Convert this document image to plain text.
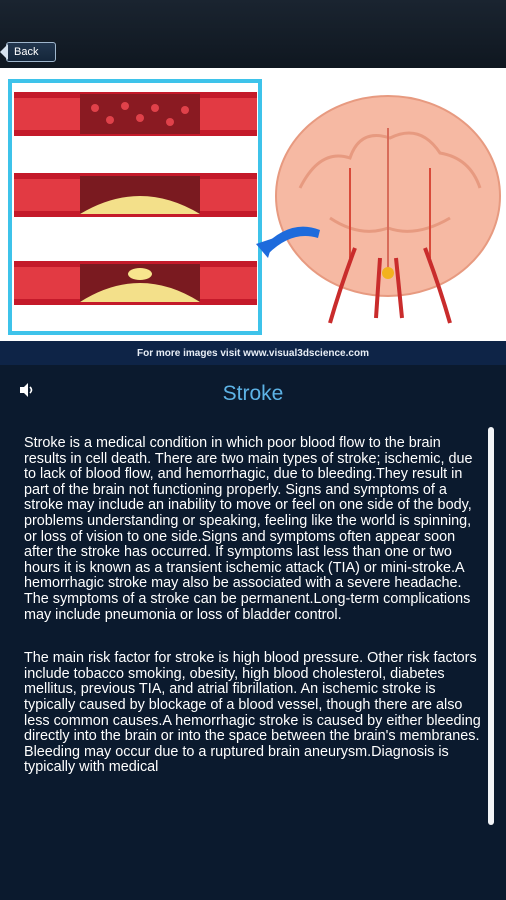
Back
For more images visit www.visual3dscience.com
Stroke

Stroke is a medical condition in which poor blood flow to the brain results in cell death. There are two main types of stroke; ischemic, due to lack of blood flow, and hemorrhagic, due to bleeding.They result in part of the brain not functioning properly. Signs and symptoms of a stroke may include an inability to move or feel on one side of the body, problems understanding or speaking, feeling like the world is spinning, or loss of vision to one side.Signs and symptoms often appear soon after the stroke has occurred. If symptoms last less than one or two hours it is known as a transient ischemic attack (TIA) or mini-stroke.A hemorrhagic stroke may also be associated with a severe headache. The symptoms of a stroke can be permanent.Long-term complications may include pneumonia or loss of bladder control.

The main risk factor for stroke is high blood pressure. Other risk factors include tobacco smoking, obesity, high blood cholesterol, diabetes mellitus, previous TIA, and atrial fibrillation. An ischemic stroke is typically caused by blockage of a blood vessel, though there are also less common causes.A hemorrhagic stroke is caused by either bleeding directly into the brain or into the space between the brain's membranes. Bleeding may occur due to a ruptured brain aneurysm.Diagnosis is typically with medical
